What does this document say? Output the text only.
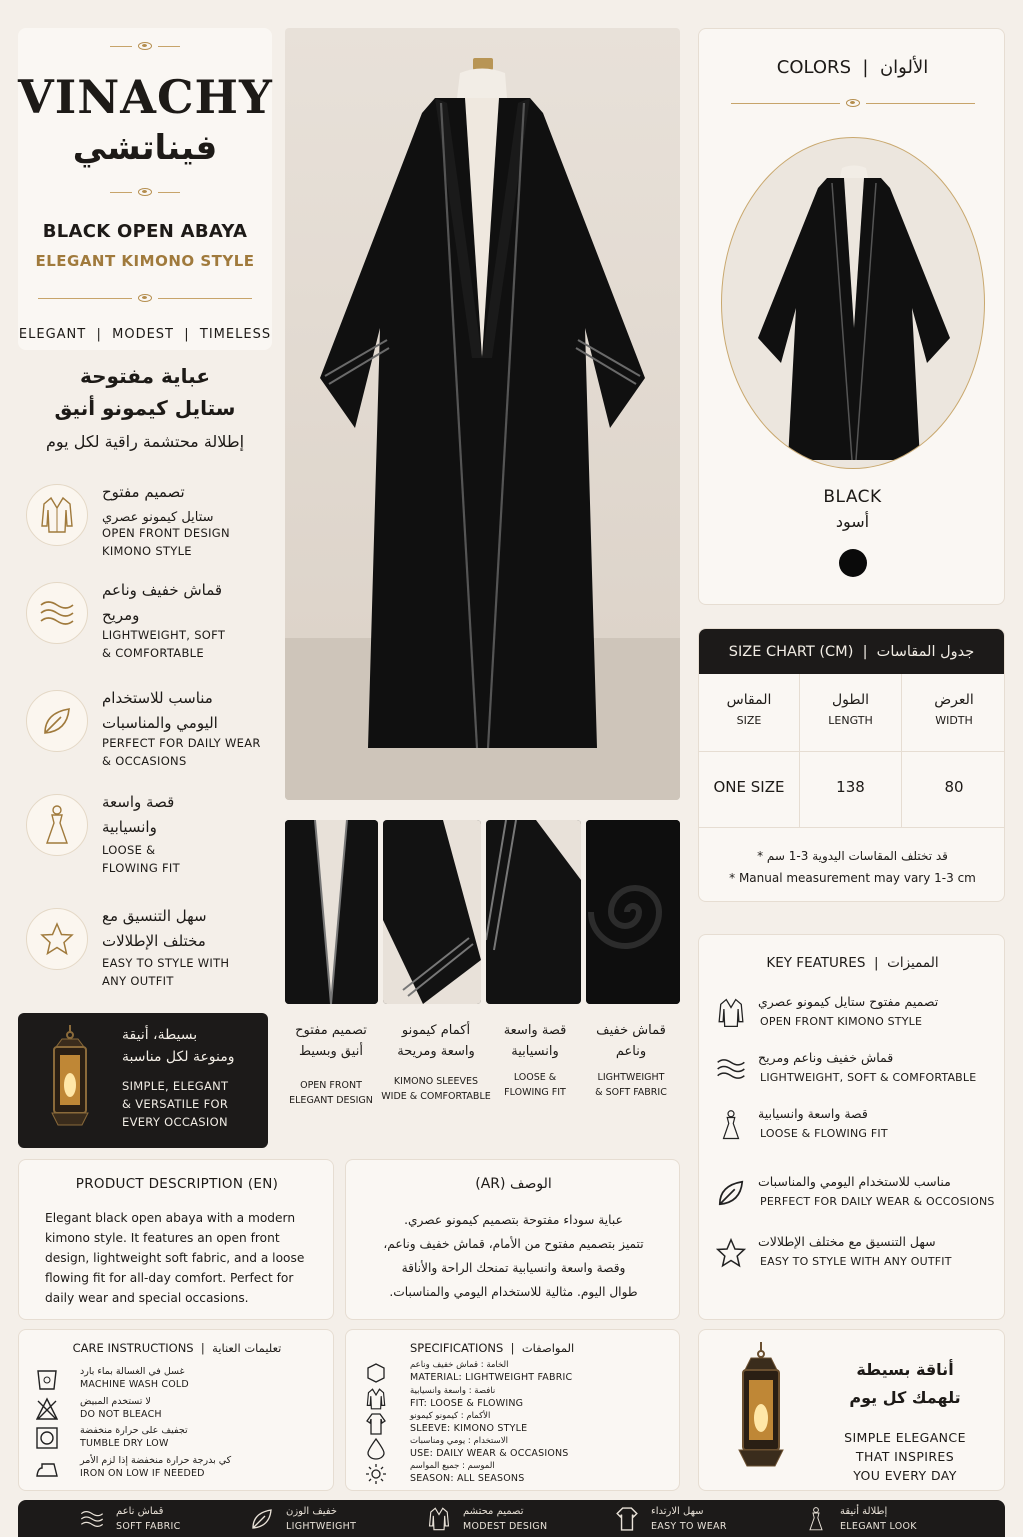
VINACHY
فيناتشي
BLACK OPEN ABAYA
ELEGANT KIMONO STYLE
ELEGANT  |  MODEST  |  TIMELESS
عباية مفتوحة
ستايل كيمونو أنيق
إطلالة محتشمة راقية لكل يوم
تصميم مفتوح
ستايل كيمونو عصري
OPEN FRONT DESIGN
KIMONO STYLE
قماش خفيف وناعم
ومريح
LIGHTWEIGHT, SOFT
& COMFORTABLE
مناسب للاستخدام
اليومي والمناسبات
PERFECT FOR DAILY WEAR
& OCCASIONS
قصة واسعة
وانسيابية
LOOSE &
FLOWING FIT
سهل التنسيق مع
مختلف الإطلالات
EASY TO STYLE WITH
ANY OUTFIT
بسيطة، أنيقة
ومنوعة لكل مناسبة
SIMPLE, ELEGANT
& VERSATILE FOR
EVERY OCCASION
تصميم مفتوح
أنيق وبسيط
OPEN FRONT
ELEGANT DESIGN
أكمام كيمونو
واسعة ومريحة
KIMONO SLEEVES
WIDE & COMFORTABLE
قصة واسعة
وانسيابية
LOOSE &
FLOWING FIT
قماش خفيف
وناعم
LIGHTWEIGHT
& SOFT FABRIC
COLORS  |  الألوان
BLACK
أسود
SIZE CHART (CM)  |  جدول المقاسات
المقاس
SIZE
الطول
LENGTH
العرض
WIDTH
ONE SIZE	138	80
* قد تختلف المقاسات اليدوية 3-1 سم
* Manual measurement may vary 1-3 cm
KEY FEATURES  |  المميزات
تصميم مفتوح ستايل كيمونو عصري
OPEN FRONT KIMONO STYLE
قماش خفيف وناعم ومريح
LIGHTWEIGHT, SOFT & COMFORTABLE
قصة واسعة وانسيابية
LOOSE & FLOWING FIT
مناسب للاستخدام اليومي والمناسبات
PERFECT FOR DAILY WEAR & OCCOSIONS
سهل التنسيق مع مختلف الإطلالات
EASY TO STYLE WITH ANY OUTFIT
PRODUCT DESCRIPTION (EN)
Elegant black open abaya with a modern kimono style. It features an open front design, lightweight soft fabric, and a loose flowing fit for all-day comfort. Perfect for daily wear and special occasions.
(AR) الوصف
عباية سوداء مفتوحة بتصميم كيمونو عصري.
تتميز بتصميم مفتوح من الأمام، قماش خفيف وناعم،
وقصة واسعة وانسيابية تمنحك الراحة والأناقة
طوال اليوم. مثالية للاستخدام اليومي والمناسبات.
CARE INSTRUCTIONS  |  تعليمات العناية
غسل في الغسالة بماء بارد
MACHINE WASH COLD
لا تستخدم المبيض
DO NOT BLEACH
تجفيف على حرارة منخفضة
TUMBLE DRY LOW
كي بدرجة حرارة منخفضة إذا لزم الأمر
IRON ON LOW IF NEEDED
SPECIFICATIONS  |  المواصفات
الخامة : قماش خفيف وناعم
MATERIAL: LIGHTWEIGHT FABRIC
نافصة : واسعة وانسيابية
FIT: LOOSE & FLOWING
الأكمام : كيمونو كيمونو
SLEEVE: KIMONO STYLE
الاستخدام : يومي ومناسبات
USE: DAILY WEAR & OCCASIONS
الموسم : جميع المواسم
SEASON: ALL SEASONS
أناقة بسيطة
تلهمك كل يوم
SIMPLE ELEGANCE
THAT INSPIRES
YOU EVERY DAY
قماش ناعم
SOFT FABRIC
خفيف الوزن
LIGHTWEIGHT
تصميم محتشم
MODEST DESIGN
سهل الارتداء
EASY TO WEAR
إطلالة أنيقة
ELEGANT LOOK
